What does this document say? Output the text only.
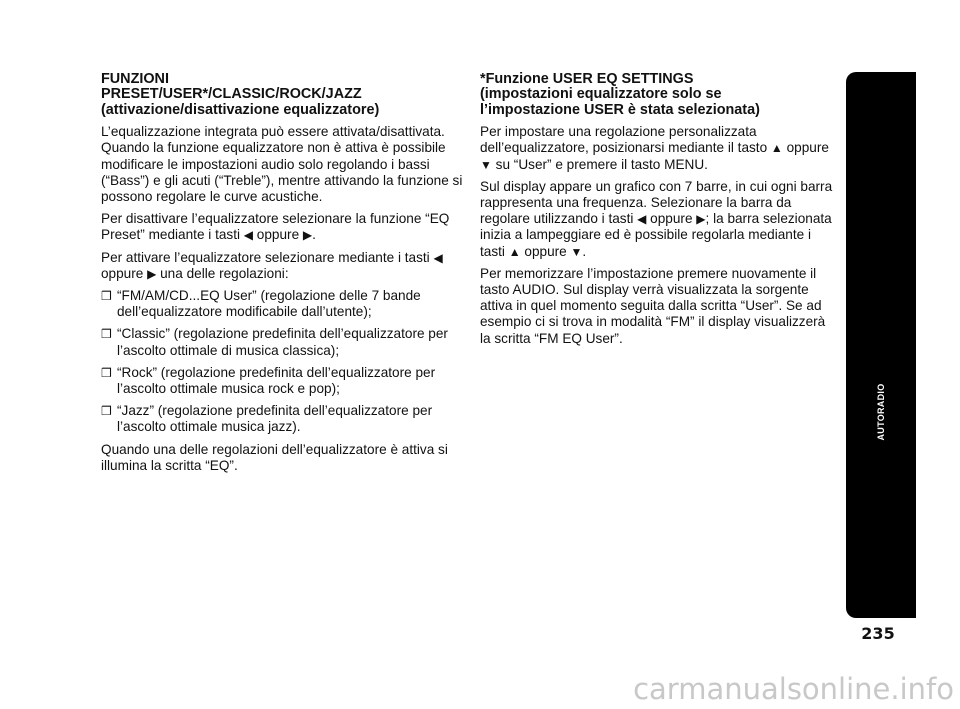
FUNZIONI
PRESET/USER*/CLASSIC/ROCK/JAZZ
(attivazione/disattivazione equalizzatore)

L’equalizzazione integrata può essere attivata/disattivata. Quando la funzione equalizzatore non è attiva è possibile modificare le impostazioni audio solo regolando i bassi (“Bass”) e gli acuti (“Treble”), mentre attivando la funzione si possono regolare le curve acustiche.

Per disattivare l’equalizzatore selezionare la funzione “EQ Preset” mediante i tasti ◀ oppure ▶.

Per attivare l’equalizzatore selezionare mediante i tasti ◀
oppure ▶ una delle regolazioni:

❒ “FM/AM/CD...EQ User” (regolazione delle 7 bande dell’equalizzatore modificabile dall’utente);
❒ “Classic” (regolazione predefinita dell’equalizzatore per l’ascolto ottimale di musica classica);
❒ “Rock” (regolazione predefinita dell’equalizzatore per l’ascolto ottimale musica rock e pop);
❒ “Jazz” (regolazione predefinita dell’equalizzatore per l’ascolto ottimale musica jazz).

Quando una delle regolazioni dell’equalizzatore è attiva si illumina la scritta “EQ”.

*Funzione USER EQ SETTINGS
(impostazioni equalizzatore solo se
l’impostazione USER è stata selezionata)

Per impostare una regolazione personalizzata dell’equalizzatore, posizionarsi mediante il tasto ▲ oppure ▼ su “User” e premere il tasto MENU.

Sul display appare un grafico con 7 barre, in cui ogni barra rappresenta una frequenza. Selezionare la barra da regolare utilizzando i tasti ◀ oppure ▶; la barra selezionata inizia a lampeggiare ed è possibile regolarla mediante i tasti ▲ oppure ▼.

Per memorizzare l’impostazione premere nuovamente il tasto AUDIO. Sul display verrà visualizzata la sorgente attiva in quel momento seguita dalla scritta “User”. Se ad esempio ci si trova in modalità “FM” il display visualizzerà la scritta “FM EQ User”.

AUTORADIO
235
carmanualsonline.info
